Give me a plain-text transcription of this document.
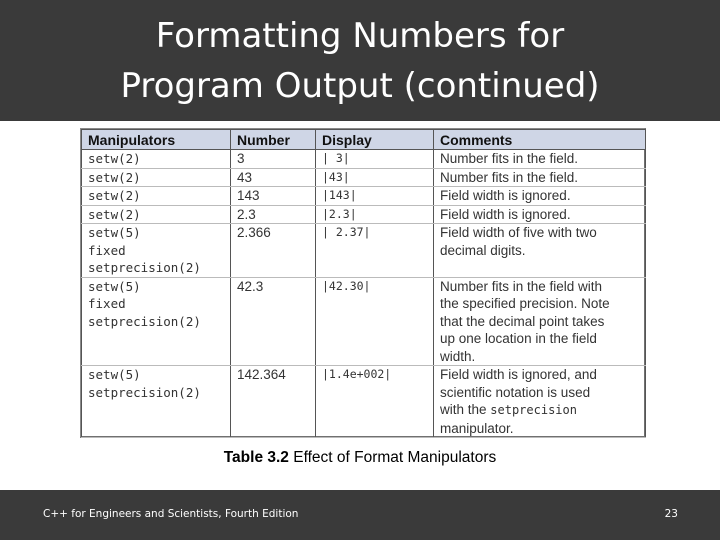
Formatting Numbers for
Program Output (continued)
Manipulators	Number	Display	Comments

setw(2)	3	| 3|	Number fits in the field.

setw(2)	43	|43|	Number fits in the field.

setw(2)	143	|143|	Field width is ignored.

setw(2)	2.3	|2.3|	Field width is ignored.

setw(5)
fixed
setprecision(2)	2.366	| 2.37|	Field width of five with two
decimal digits.

setw(5)
fixed
setprecision(2)	42.3	|42.30|	Number fits in the field with
the specified precision. Note
that the decimal point takes
up one location in the field
width.

setw(5)
setprecision(2)	142.364	|1.4e+002|	Field width is ignored, and
scientific notation is used
with the setprecision
manipulator.
Table 3.2 Effect of Format Manipulators
C++ for Engineers and Scientists, Fourth Edition	23
